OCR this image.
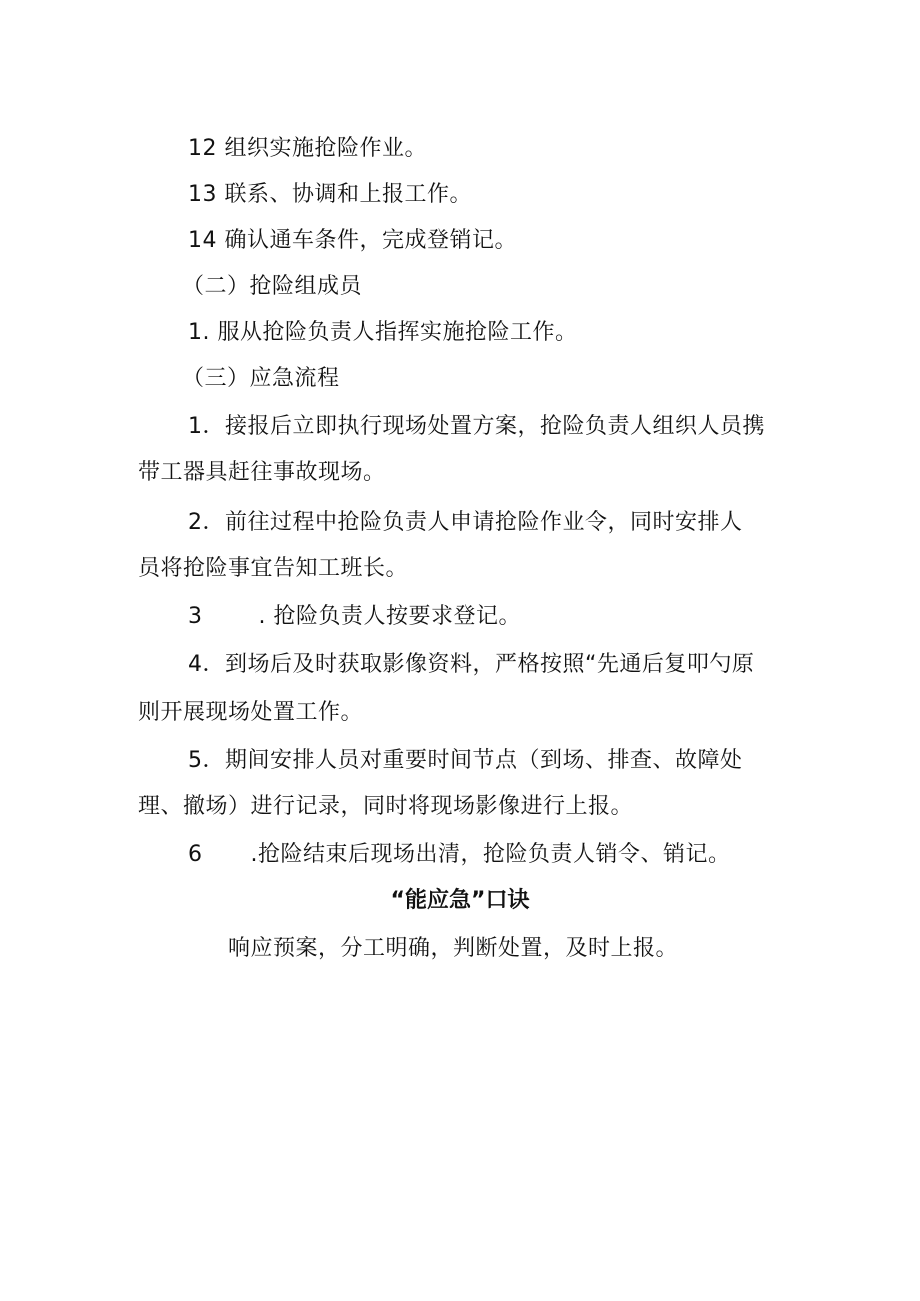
12 组织实施抢险作业。
13 联系、协调和上报工作。
14 确认通车条件，完成登销记。
（二）抢险组成员
1. 服从抢险负责人指挥实施抢险工作。
（三）应急流程
1．接报后立即执行现场处置方案，抢险负责人组织人员携
带工器具赶往事故现场。
2．前往过程中抢险负责人申请抢险作业令，同时安排人
员将抢险事宜告知工班长。
3	. 抢险负责人按要求登记。
4．到场后及时获取影像资料，严格按照“先通后复叩勺原
则开展现场处置工作。
5．期间安排人员对重要时间节点（到场、排查、故障处
理、撤场）进行记录，同时将现场影像进行上报。
6 .抢险结束后现场出清，抢险负责人销令、销记。
“能应急”口诀
响应预案，分工明确，判断处置，及时上报。
